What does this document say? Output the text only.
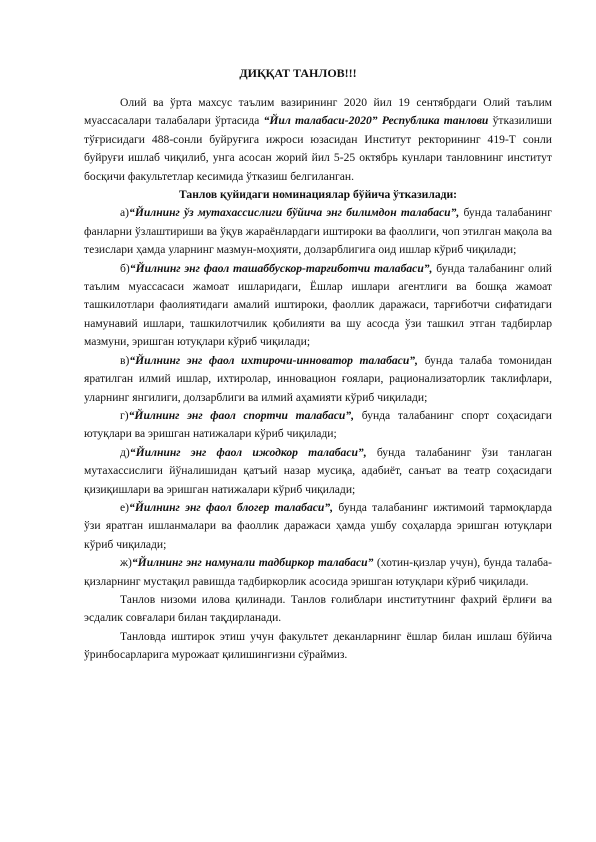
ДИҚҚАТ ТАНЛОВ!!!

Олий ва ўрта махсус таълим вазирининг 2020 йил 19 сентябрдаги Олий таълим муассасалари талабалари ўртасида “Йил талабаси-2020” Республика танлови ўтказилиши тўғрисидаги 488-сонли буйруғига ижроси юзасидан Институт ректорининг 419-Т сонли буйруғи ишлаб чиқилиб, унга асосан жорий йил 5-25 октябрь кунлари танловнинг институт босқичи факультетлар кесимида ўтказиш белгиланган.

Танлов қуйидаги номинациялар бўйича ўтказилади:

а)“Йилнинг ўз мутахассислиги бўйича энг билимдон талабаси”, бунда талабанинг фанларни ўзлаштириши ва ўқув жараёнлардаги иштироки ва фаоллиги, чоп этилган мақола ва тезислари ҳамда уларнинг мазмун-моҳияти, долзарблигига оид ишлар кўриб чиқилади;

б)“Йилнинг энг фаол ташаббускор-тарғиботчи талабаси”, бунда талабанинг олий таълим муассасаси жамоат ишларидаги, Ёшлар ишлари агентлиги ва бошқа жамоат ташкилотлари фаолиятидаги амалий иштироки, фаоллик даражаси, тарғиботчи сифатидаги намунавий ишлари, ташкилотчилик қобилияти ва шу асосда ўзи ташкил этган тадбирлар мазмуни, эришган ютуқлари кўриб чиқилади;

в)“Йилнинг энг фаол ихтирочи-инноватор талабаси”, бунда талаба томонидан яратилган илмий ишлар, ихтиролар, инновацион ғоялари, рационализаторлик таклифлари, уларнинг янгилиги, долзарблиги ва илмий аҳамияти кўриб чиқилади;

г)“Йилнинг энг фаол спортчи талабаси”, бунда талабанинг спорт соҳасидаги ютуқлари ва эришган натижалари кўриб чиқилади;

д)“Йилнинг энг фаол ижодкор талабаси”, бунда талабанинг ўзи танлаган мутахассислиги йўналишидан қатъий назар мусиқа, адабиёт, санъат ва театр соҳасидаги қизиқишлари ва эришган натижалари кўриб чиқилади;

е)“Йилнинг энг фаол блогер талабаси”, бунда талабанинг ижтимоий тармоқларда ўзи яратган ишланмалари ва фаоллик даражаси ҳамда ушбу соҳаларда эришган ютуқлари кўриб чиқилади;

ж)“Йилнинг энг намунали тадбиркор талабаси” (хотин-қизлар учун), бунда талаба-қизларнинг мустақил равишда тадбиркорлик асосида эришган ютуқлари кўриб чиқилади.

Танлов низоми илова қилинади. Танлов ғолиблари институтнинг фахрий ёрлиғи ва эсдалик совғалари билан тақдирланади.

Танловда иштирок этиш учун факультет деканларнинг ёшлар билан ишлаш бўйича ўринбосарларига мурожаат қилишингизни сўраймиз.
